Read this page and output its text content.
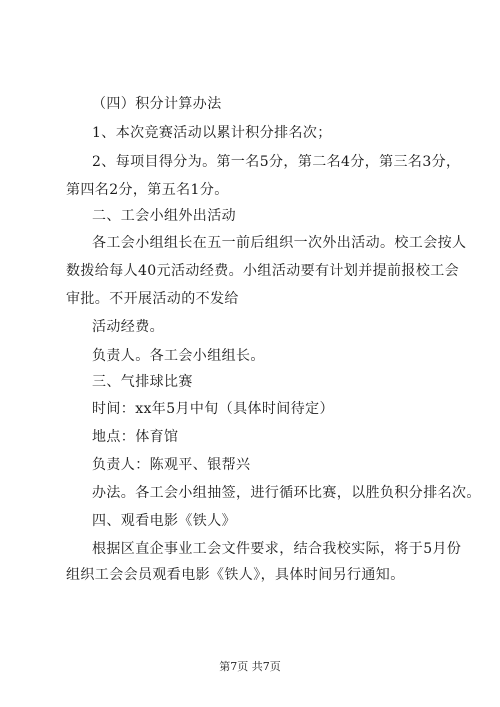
（四）积分计算办法
1、本次竞赛活动以累计积分排名次；
2、每项目得分为。第一名5分，第二名4分，第三名3分，
第四名2分，第五名1分。
二、工会小组外出活动
各工会小组组长在五一前后组织一次外出活动。校工会按人
数拨给每人40元活动经费。小组活动要有计划并提前报校工会
审批。不开展活动的不发给
活动经费。
负责人。各工会小组组长。
三、气排球比赛
时间：xx年5月中旬（具体时间待定）
地点：体育馆
负责人：陈观平、银帮兴
办法。各工会小组抽签，进行循环比赛，以胜负积分排名次。
四、观看电影《铁人》
根据区直企事业工会文件要求，结合我校实际，将于5月份
组织工会会员观看电影《铁人》，具体时间另行通知。
第7页 共7页
